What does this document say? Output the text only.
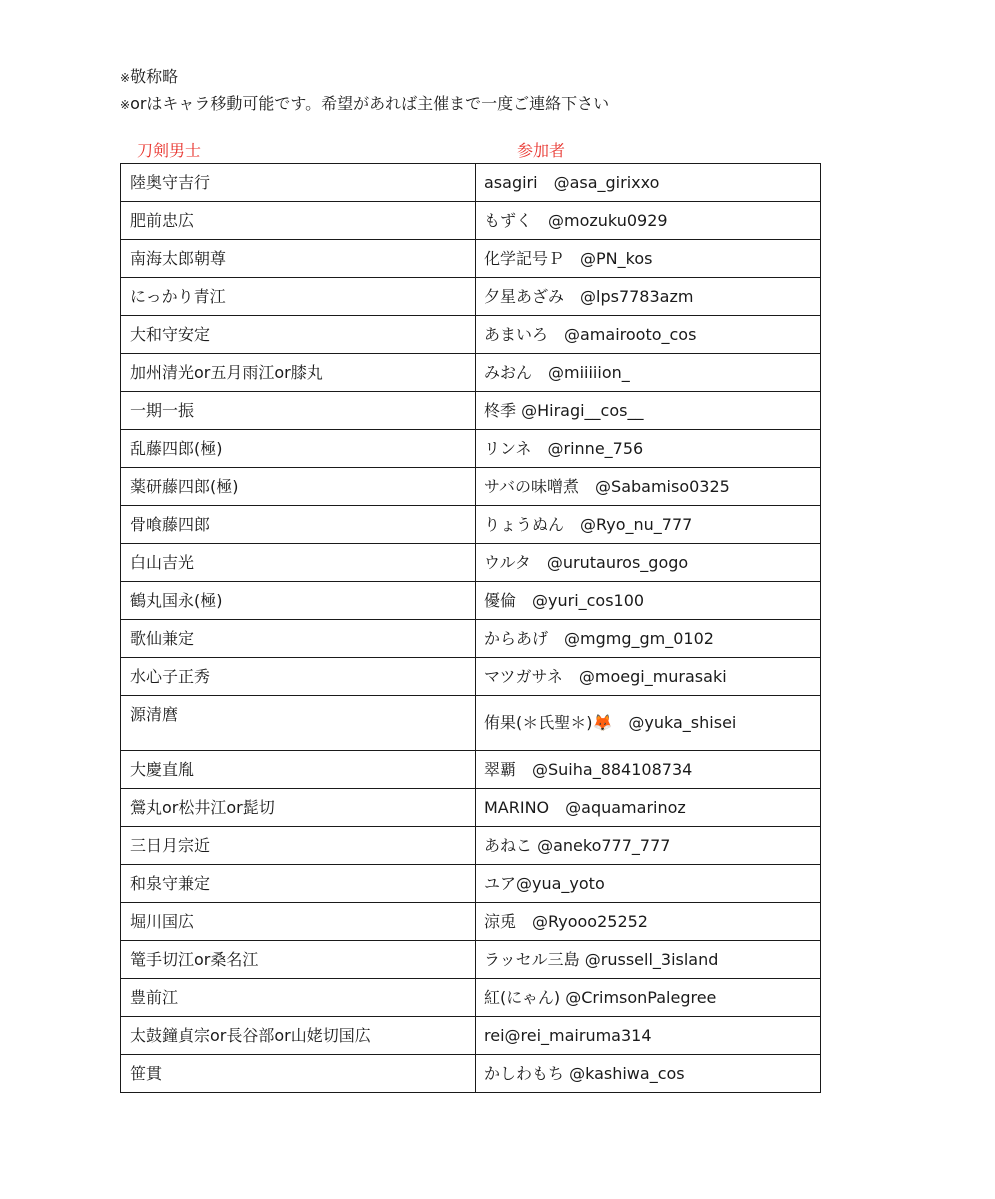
※敬称略
※orはキャラ移動可能です。希望があれば主催まで一度ご連絡下さい
刀剣男士	参加者
陸奥守吉行	asagiri　@asa_girixxo
肥前忠広	もずく　@mozuku0929
南海太郎朝尊	化学記号Ｐ　@PN_kos
にっかり青江	夕星あざみ　@lps7783azm
大和守安定	あまいろ　@amairooto_cos
加州清光or五月雨江or膝丸	みおん　@miiiiion_
一期一振	柊季 @Hiragi__cos__
乱藤四郎(極)	リンネ　@rinne_756
薬研藤四郎(極)	サバの味噌煮　@Sabamiso0325
骨喰藤四郎	りょうぬん　@Ryo_nu_777
白山吉光	ウルタ　@urutauros_gogo
鶴丸国永(極)	優倫　@yuri_cos100
歌仙兼定	からあげ　@mgmg_gm_0102
水心子正秀	マツガサネ　@moegi_murasaki
源清麿	侑果(＊氏聖＊)🦊　@yuka_shisei
大慶直胤	翠覇　@Suiha_884108734
鶯丸or松井江or髭切	MARINO　@aquamarinoz
三日月宗近	あねこ @aneko777_777
和泉守兼定	ユア@yua_yoto
堀川国広	涼兎　@Ryooo25252
篭手切江or桑名江	ラッセル三島 @russell_3island
豊前江	紅(にゃん) @CrimsonPalegree
太鼓鐘貞宗or長谷部or山姥切国広	rei@rei_mairuma314
笹貫	かしわもち @kashiwa_cos
